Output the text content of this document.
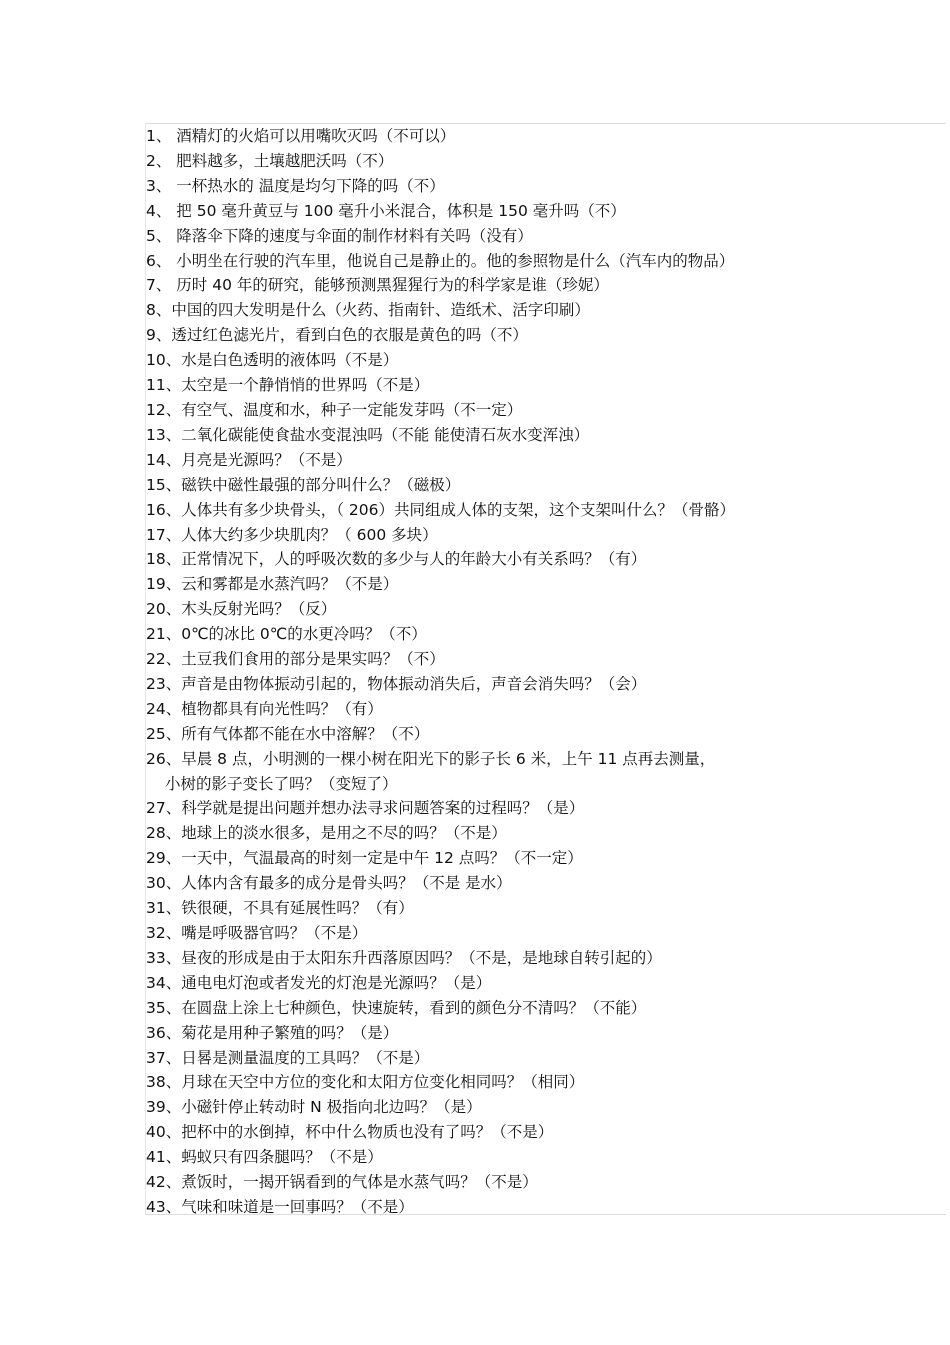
1、 酒精灯的火焰可以用嘴吹灭吗（不可以）
2、 肥料越多，土壤越肥沃吗（不）
3、 一杯热水的 温度是均匀下降的吗（不）
4、 把 50 毫升黄豆与 100 毫升小米混合，体积是 150 毫升吗（不）
5、 降落伞下降的速度与伞面的制作材料有关吗（没有）
6、 小明坐在行驶的汽车里，他说自己是静止的。他的参照物是什么（汽车内的物品）
7、 历时 40 年的研究，能够预测黑猩猩行为的科学家是谁（珍妮）
8、中国的四大发明是什么（火药、指南针、造纸术、活字印刷）
9、透过红色滤光片，看到白色的衣服是黄色的吗（不）
10、水是白色透明的液体吗（不是）
11、太空是一个静悄悄的世界吗（不是）
12、有空气、温度和水，种子一定能发芽吗（不一定）
13、二氧化碳能使食盐水变混浊吗（不能 能使清石灰水变浑浊）
14、月亮是光源吗？（不是）
15、磁铁中磁性最强的部分叫什么？（磁极）
16、人体共有多少块骨头，（ 206）共同组成人体的支架，这个支架叫什么？（骨骼）
17、人体大约多少块肌肉？（ 600 多块）
18、正常情况下，人的呼吸次数的多少与人的年龄大小有关系吗？（有）
19、云和雾都是水蒸汽吗？（不是）
20、木头反射光吗？（反）
21、0℃的冰比 0℃的水更冷吗？（不）
22、土豆我们食用的部分是果实吗？（不）
23、声音是由物体振动引起的，物体振动消失后，声音会消失吗？（会）
24、植物都具有向光性吗？（有）
25、所有气体都不能在水中溶解？（不）
26、早晨 8 点，小明测的一棵小树在阳光下的影子长 6 米，上午 11 点再去测量，
小树的影子变长了吗？（变短了）
27、科学就是提出问题并想办法寻求问题答案的过程吗？（是）
28、地球上的淡水很多，是用之不尽的吗？（不是）
29、一天中，气温最高的时刻一定是中午 12 点吗？（不一定）
30、人体内含有最多的成分是骨头吗？（不是 是水）
31、铁很硬，不具有延展性吗？（有）
32、嘴是呼吸器官吗？（不是）
33、昼夜的形成是由于太阳东升西落原因吗？（不是，是地球自转引起的）
34、通电电灯泡或者发光的灯泡是光源吗？（是）
35、在圆盘上涂上七种颜色，快速旋转，看到的颜色分不清吗？（不能）
36、菊花是用种子繁殖的吗？（是）
37、日晷是测量温度的工具吗？（不是）
38、月球在天空中方位的变化和太阳方位变化相同吗？（相同）
39、小磁针停止转动时 N 极指向北边吗？（是）
40、把杯中的水倒掉，杯中什么物质也没有了吗？（不是）
41、蚂蚁只有四条腿吗？（不是）
42、煮饭时，一揭开锅看到的气体是水蒸气吗？（不是）
43、气味和味道是一回事吗？（不是）
